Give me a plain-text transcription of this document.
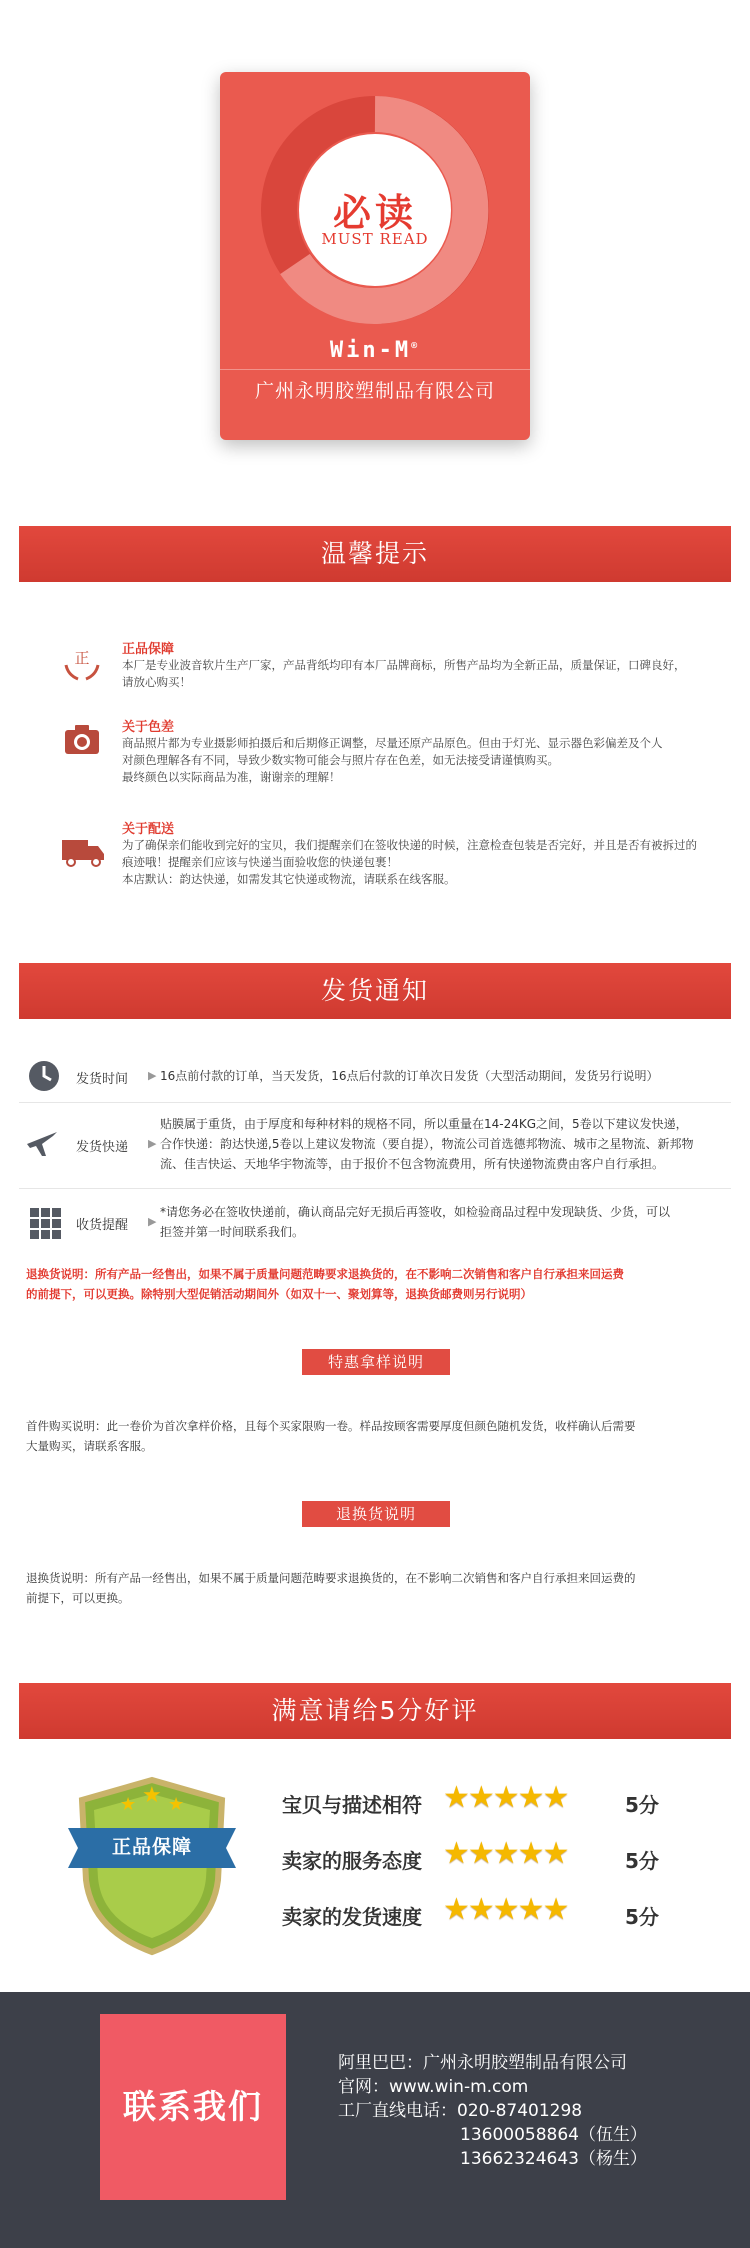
必读
MUST READ
Win-M®
广州永明胶塑制品有限公司
温馨提示
正 正品保障
本厂是专业波音软片生产厂家，产品背纸均印有本厂品牌商标，所售产品均为全新正品，质量保证，口碑良好，
请放心购买！
关于色差
商品照片都为专业摄影师拍摄后和后期修正调整，尽量还原产品原色。但由于灯光、显示器色彩偏差及个人
对颜色理解各有不同，导致少数实物可能会与照片存在色差，如无法接受请谨慎购买。
最终颜色以实际商品为准，谢谢亲的理解！
关于配送
为了确保亲们能收到完好的宝贝，我们提醒亲们在签收快递的时候，注意检查包装是否完好，并且是否有被拆过的
痕迹哦！提醒亲们应该与快递当面验收您的快递包裹！
本店默认：韵达快递，如需发其它快递或物流，请联系在线客服。
发货通知
发货时间 ▶ 16点前付款的订单，当天发货，16点后付款的订单次日发货（大型活动期间，发货另行说明）
发货快递 ▶
贴膜属于重货，由于厚度和每种材料的规格不同，所以重量在14-24KG之间，5卷以下建议发快递，
合作快递：韵达快递,5卷以上建议发物流（要自提），物流公司首选德邦物流、城市之星物流、新邦物
流、佳吉快运、天地华宇物流等，由于报价不包含物流费用，所有快递物流费由客户自行承担。
收货提醒 ▶
*请您务必在签收快递前，确认商品完好无损后再签收，如检验商品过程中发现缺货、少货，可以
拒签并第一时间联系我们。
退换货说明：所有产品一经售出，如果不属于质量问题范畴要求退换货的，在不影响二次销售和客户自行承担来回运费
的前提下，可以更换。除特别大型促销活动期间外（如双十一、聚划算等，退换货邮费则另行说明）
特惠拿样说明
首件购买说明：此一卷价为首次拿样价格，且每个买家限购一卷。样品按顾客需要厚度但颜色随机发货，收样确认后需要
大量购买，请联系客服。
退换货说明
退换货说明：所有产品一经售出，如果不属于质量问题范畴要求退换货的，在不影响二次销售和客户自行承担来回运费的
前提下，可以更换。
满意请给5分好评
★ ★ ★
正品保障
宝贝与描述相符 ★★★★★	5分
卖家的服务态度 ★★★★★	5分
卖家的发货速度 ★★★★★	5分
联系我们
阿里巴巴：广州永明胶塑制品有限公司
官网：www.win-m.com
工厂直线电话：020-87401298
13600058864（伍生）
13662324643（杨生）
